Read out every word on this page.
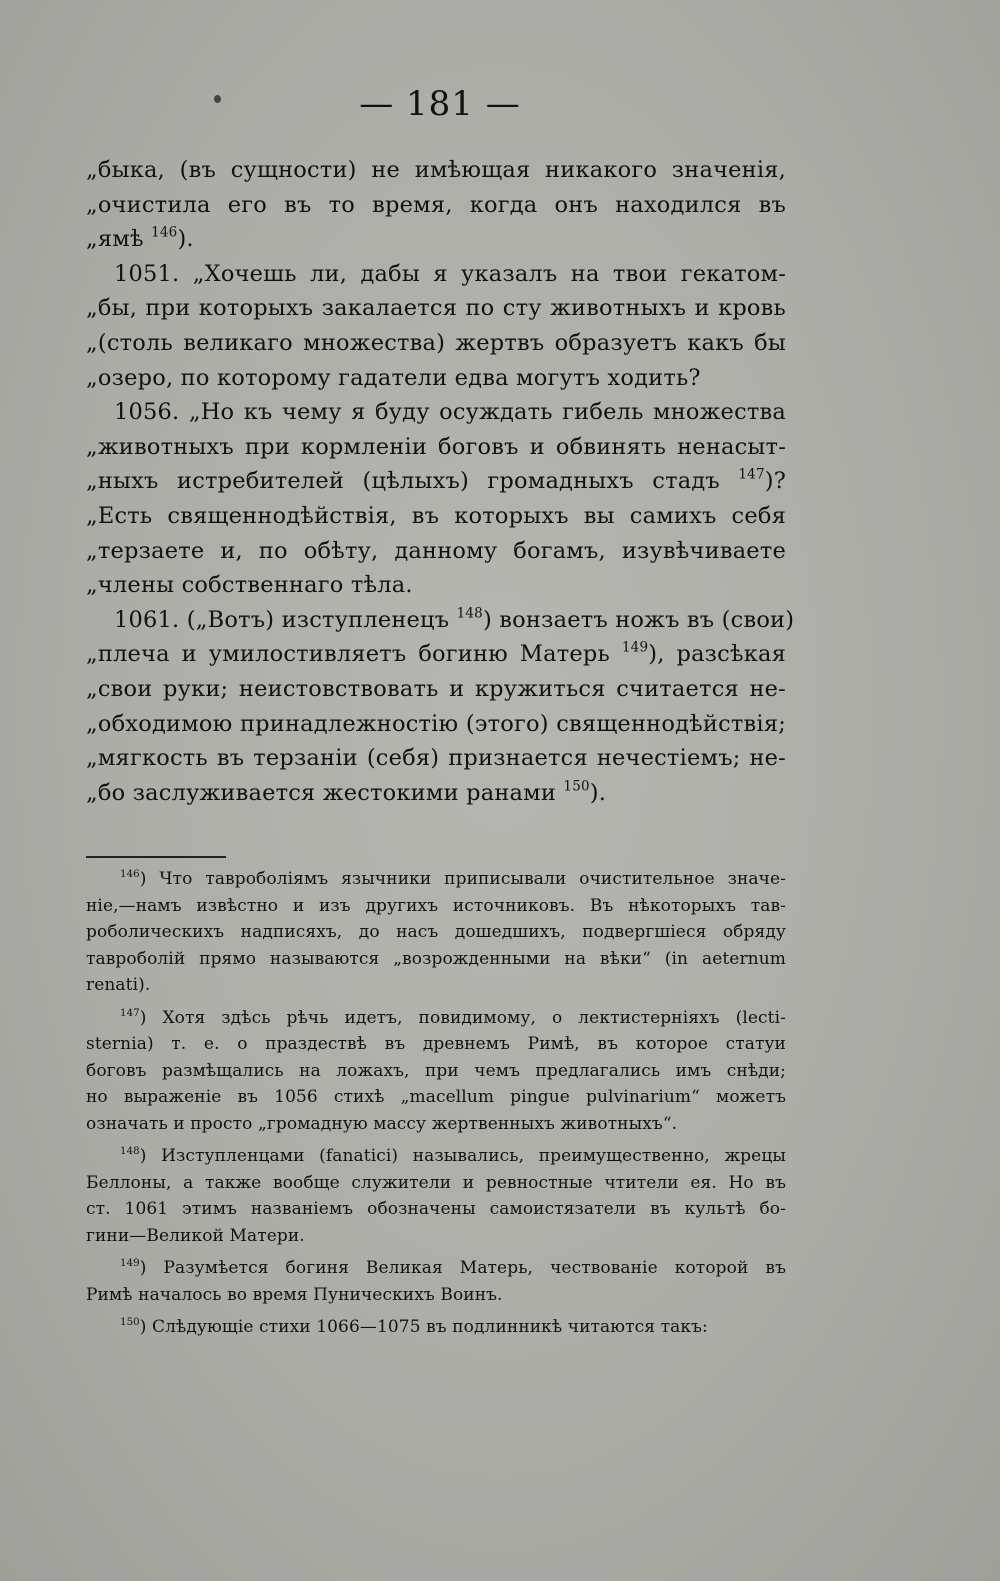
— 181 —
„быка, (въ сущности) не имѣющая никакого значенія,
„очистила его въ то время, когда онъ находился въ
„ямѣ $^{146}$).
1051. „Хочешь ли, дабы я указалъ на твои гекатом-
„бы, при которыхъ закалается по сту животныхъ и кровь
„(столь великаго множества) жертвъ образуетъ какъ бы
„озеро, по которому гадатели едва могутъ ходить?
1056. „Но къ чему я буду осуждать гибель множества
„животныхъ при кормленіи боговъ и обвинять ненасыт-
„ныхъ истребителей (цѣлыхъ) громадныхъ стадъ $^{147}$)?
„Есть священнодѣйствія, въ которыхъ вы самихъ себя
„терзаете и, по обѣту, данному богамъ, изувѣчиваете
„члены собственнаго тѣла.
1061. („Вотъ) изступленецъ $^{148}$) вонзаетъ ножъ въ (свои)
„плеча и умилостивляетъ богиню Матерь $^{149}$), разсѣкая
„свои руки; неистовствовать и кружиться считается не-
„обходимою принадлежностію (этого) священнодѣйствія;
„мягкость въ терзаніи (себя) признается нечестіемъ; не-
„бо заслуживается жестокими ранами $^{150}$).
$^{146}$) Что тавроболіямъ язычники приписывали очистительное значе-
ніе,—намъ извѣстно и изъ другихъ источниковъ. Въ нѣкоторыхъ тав-
роболическихъ надписяхъ, до насъ дошедшихъ, подвергшіеся обряду
тавроболій прямо называются „возрожденными на вѣки“ (in aeternum
renati).
$^{147}$) Хотя здѣсь рѣчь идетъ, повидимому, о лектистерніяхъ (lecti-
sternia) т. е. о праздествѣ въ древнемъ Римѣ, въ которое статуи
боговъ размѣщались на ложахъ, при чемъ предлагались имъ снѣди;
но выраженіе въ 1056 стихѣ „macellum pingue pulvinarium“ можетъ
означать и просто „громадную массу жертвенныхъ животныхъ“.
$^{148}$) Изступленцами (fanatici) назывались, преимущественно, жрецы
Беллоны, а также вообще служители и ревностные чтители ея. Но въ
ст. 1061 этимъ названіемъ обозначены самоистязатели въ культѣ бо-
гини—Великой Матери.
$^{149}$) Разумѣется богиня Великая Матерь, чествованіе которой въ
Римѣ началось во время Пуническихъ Воинъ.
$^{150}$) Слѣдующіе стихи 1066—1075 въ подлинникѣ читаются такъ:
